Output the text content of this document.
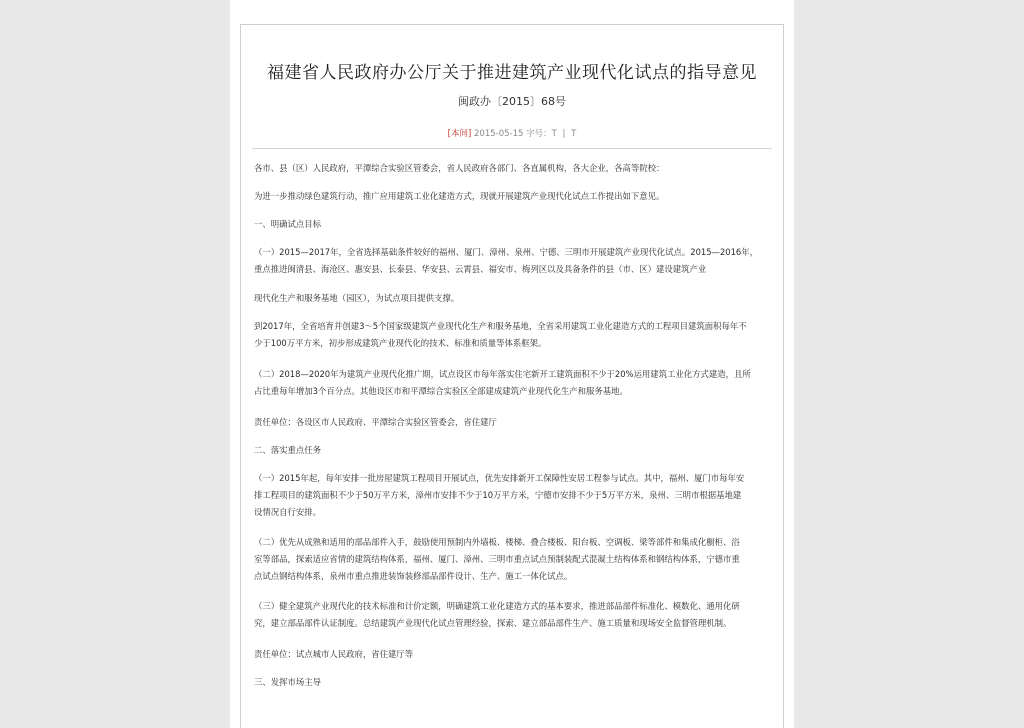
福建省人民政府办公厅关于推进建筑产业现代化试点的指导意见
闽政办〔2015〕68号
[本间] 2015-05-15 字号：T | T
各市、县（区）人民政府，平潭综合实验区管委会，省人民政府各部门、各直属机构，各大企业，各高等院校：
为进一步推动绿色建筑行动，推广应用建筑工业化建造方式，现就开展建筑产业现代化试点工作提出如下意见。
一、明确试点目标
（一）2015—2017年，全省选择基础条件较好的福州、厦门、漳州、泉州、宁德、三明市开展建筑产业现代化试点。2015—2016年，
重点推进闽清县、海沧区、惠安县、长泰县、华安县、云霄县、福安市、梅列区以及具备条件的县（市、区）建设建筑产业
现代化生产和服务基地（园区），为试点项目提供支撑。
到2017年，全省培育并创建3～5个国家级建筑产业现代化生产和服务基地，全省采用建筑工业化建造方式的工程项目建筑面积每年不
少于100万平方米，初步形成建筑产业现代化的技术、标准和质量等体系框架。
（二）2018—2020年为建筑产业现代化推广期，试点设区市每年落实住宅新开工建筑面积不少于20%运用建筑工业化方式建造，且所
占比重每年增加3个百分点。其他设区市和平潭综合实验区全部建成建筑产业现代化生产和服务基地。
责任单位：各设区市人民政府、平潭综合实验区管委会，省住建厅
二、落实重点任务
（一）2015年起，每年安排一批房屋建筑工程项目开展试点，优先安排新开工保障性安居工程参与试点。其中，福州、厦门市每年安
排工程项目的建筑面积不少于50万平方米，漳州市安排不少于10万平方米，宁德市安排不少于5万平方米，泉州、三明市根据基地建
设情况自行安排。
（二）优先从成熟和适用的部品部件入手，鼓励使用预制内外墙板、楼梯、叠合楼板、阳台板、空调板、梁等部件和集成化橱柜、浴
室等部品，探索适应省情的建筑结构体系，福州、厦门、漳州、三明市重点试点预制装配式混凝土结构体系和钢结构体系，宁德市重
点试点钢结构体系，泉州市重点推进装饰装修部品部件设计、生产、施工一体化试点。
（三）健全建筑产业现代化的技术标准和计价定额，明确建筑工业化建造方式的基本要求，推进部品部件标准化、模数化、通用化研
究，建立部品部件认证制度。总结建筑产业现代化试点管理经验，探索、建立部品部件生产、施工质量和现场安全监督管理机制。
责任单位：试点城市人民政府，省住建厅等
三、发挥市场主导
